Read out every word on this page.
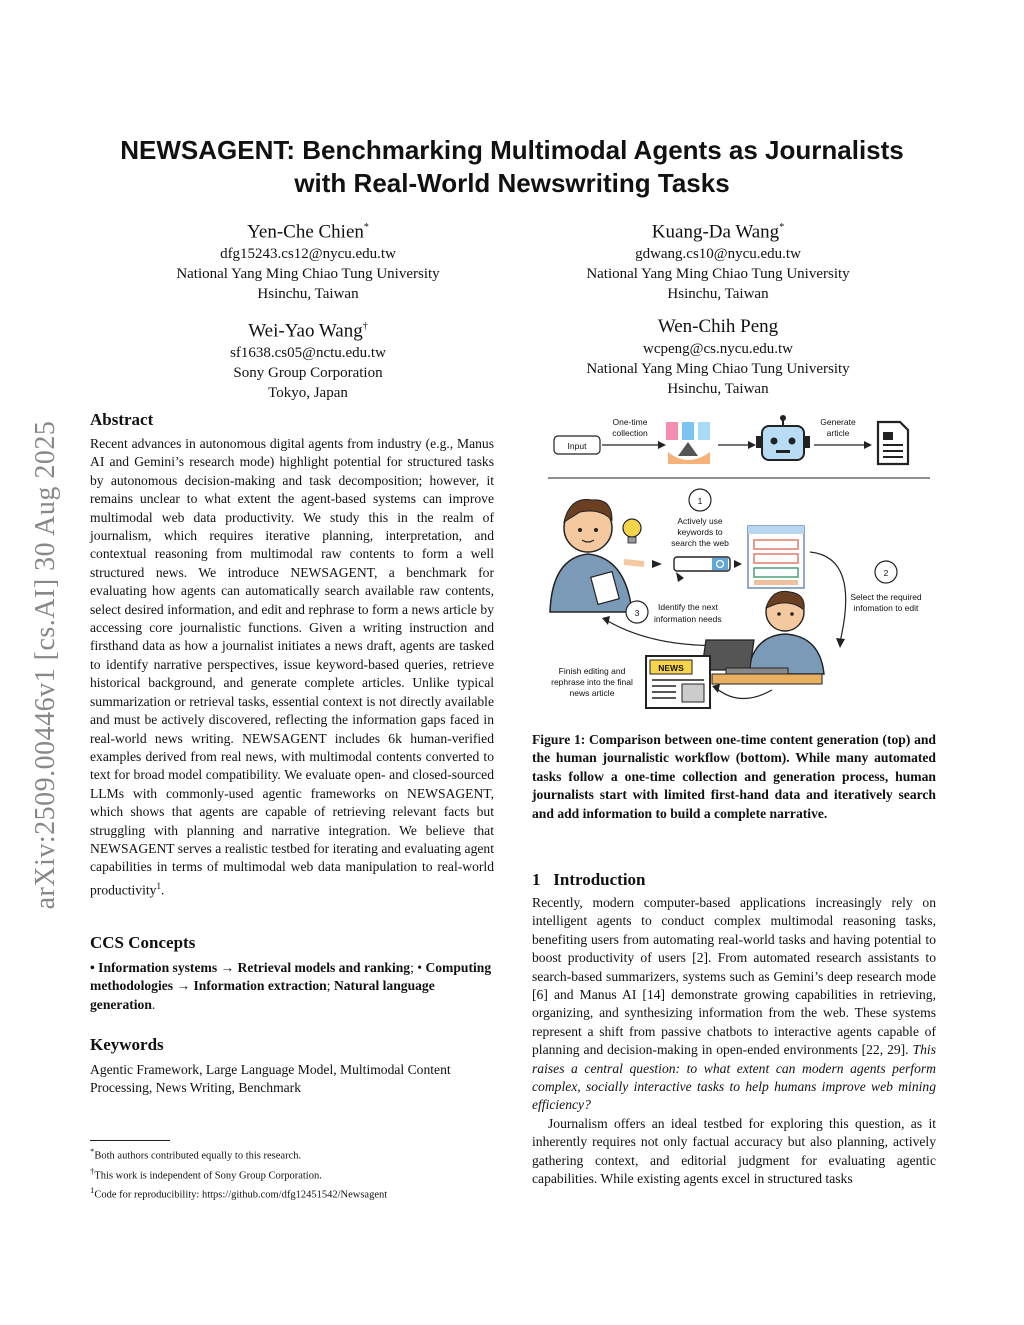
arXiv:2509.00446v1 [cs.AI] 30 Aug 2025
NEWSAGENT: Benchmarking Multimodal Agents as Journalists
with Real-World Newswriting Tasks
Yen-Che Chien*
dfg15243.cs12@nycu.edu.tw
National Yang Ming Chiao Tung University
Hsinchu, Taiwan
Kuang-Da Wang*
gdwang.cs10@nycu.edu.tw
National Yang Ming Chiao Tung University
Hsinchu, Taiwan
Wei-Yao Wang†
sf1638.cs05@nctu.edu.tw
Sony Group Corporation
Tokyo, Japan
Wen-Chih Peng
wcpeng@cs.nycu.edu.tw
National Yang Ming Chiao Tung University
Hsinchu, Taiwan
Abstract

Recent advances in autonomous digital agents from industry (e.g., Manus AI and Gemini’s research mode) highlight potential for structured tasks by autonomous decision-making and task decomposition; however, it remains unclear to what extent the agent-based systems can improve multimodal web data productivity. We study this in the realm of journalism, which requires iterative planning, interpretation, and contextual reasoning from multimodal raw contents to form a well structured news. We introduce NEWSAGENT, a benchmark for evaluating how agents can automatically search available raw contents, select desired information, and edit and rephrase to form a news article by accessing core journalistic functions. Given a writing instruction and firsthand data as how a journalist initiates a news draft, agents are tasked to identify narrative perspectives, issue keyword-based queries, retrieve historical background, and generate complete articles. Unlike typical summarization or retrieval tasks, essential context is not directly available and must be actively discovered, reflecting the information gaps faced in real-world news writing. NEWSAGENT includes 6k human-verified examples derived from real news, with multimodal contents converted to text for broad model compatibility. We evaluate open- and closed-sourced LLMs with commonly-used agentic frameworks on NEWSAGENT, which shows that agents are capable of retrieving relevant facts but struggling with planning and narrative integration. We believe that NEWSAGENT serves a realistic testbed for iterating and evaluating agent capabilities in terms of multimodal web data manipulation to real-world productivity$^1$.

CCS Concepts

• Information systems → Retrieval models and ranking; • Computing methodologies → Information extraction; Natural language generation.

Keywords

Agentic Framework, Large Language Model, Multimodal Content Processing, News Writing, Benchmark

*Both authors contributed equally to this research.
†This work is independent of Sony Group Corporation.
$^1$Code for reproducibility: https://github.com/dfg12451542/Newsagent
Input
One-time
collection
Generate
article
1
Actively use
keywords to
search the web
2
Select the required
infomation to edit
3
Identify the next
information needs
NEWS
Finish editing and
rephrase into the final
news article

Figure 1: Comparison between one-time content generation (top) and the human journalistic workflow (bottom). While many automated tasks follow a one-time collection and generation process, human journalists start with limited first-hand data and iteratively search and add information to build a complete narrative.

1 Introduction

Recently, modern computer-based applications increasingly rely on intelligent agents to conduct complex multimodal reasoning tasks, benefiting users from automating real-world tasks and having potential to boost productivity of users [2]. From automated research assistants to search-based summarizers, systems such as Gemini’s deep research mode [6] and Manus AI [14] demonstrate growing capabilities in retrieving, organizing, and synthesizing information from the web. These systems represent a shift from passive chatbots to interactive agents capable of planning and decision-making in open-ended environments [22, 29]. This raises a central question: to what extent can modern agents perform complex, socially interactive tasks to help humans improve web mining efficiency?

Journalism offers an ideal testbed for exploring this question, as it inherently requires not only factual accuracy but also planning, actively gathering context, and editorial judgment for evaluating agentic capabilities. While existing agents excel in structured tasks
